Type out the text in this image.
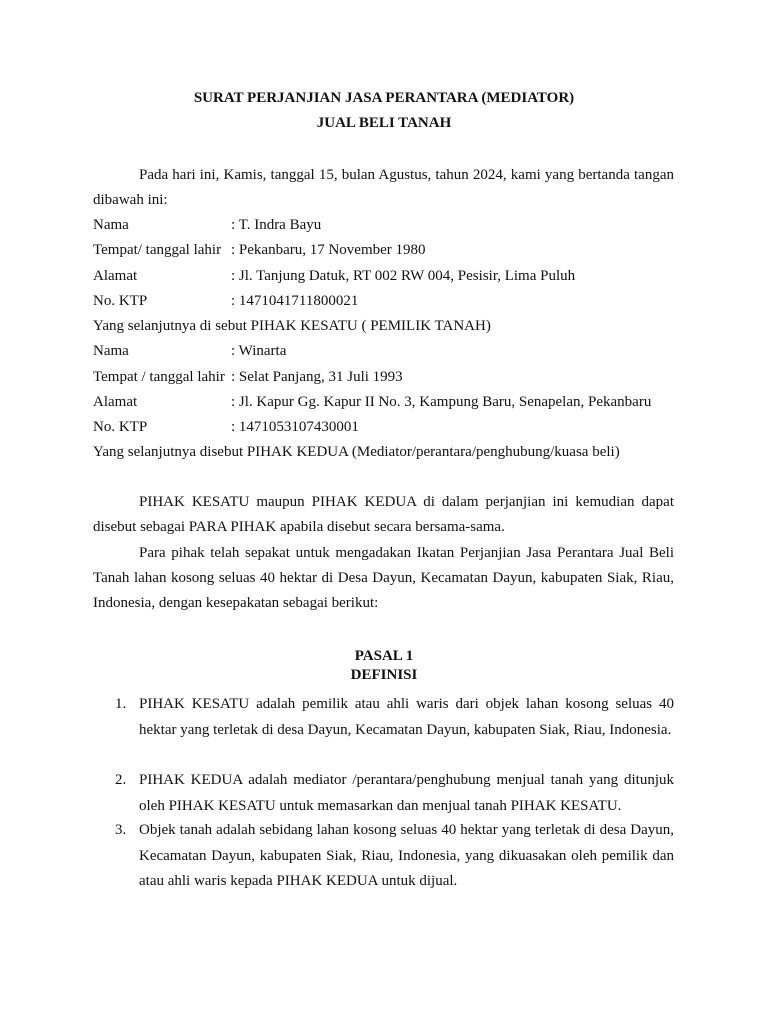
SURAT PERJANJIAN JASA PERANTARA (MEDIATOR)
JUAL BELI TANAH

Pada hari ini, Kamis, tanggal 15, bulan Agustus, tahun 2024, kami yang bertanda tangan dibawah ini:

Nama	: T. Indra Bayu
Tempat/ tanggal lahir : Pekanbaru, 17 November 1980
Alamat	: Jl. Tanjung Datuk, RT 002 RW 004, Pesisir, Lima Puluh
No. KTP	: 1471041711800021
Yang selanjutnya di sebut PIHAK KESATU ( PEMILIK TANAH)
Nama	: Winarta
Tempat / tanggal lahir : Selat Panjang, 31 Juli 1993
Alamat	: Jl. Kapur Gg. Kapur II No. 3, Kampung Baru, Senapelan, Pekanbaru
No. KTP	: 1471053107430001
Yang selanjutnya disebut PIHAK KEDUA (Mediator/perantara/penghubung/kuasa beli)

PIHAK KESATU maupun PIHAK KEDUA di dalam perjanjian ini kemudian dapat disebut sebagai PARA PIHAK apabila disebut secara bersama-sama.

Para pihak telah sepakat untuk mengadakan Ikatan Perjanjian Jasa Perantara Jual Beli Tanah lahan kosong seluas 40 hektar di Desa Dayun, Kecamatan Dayun, kabupaten Siak, Riau, Indonesia, dengan kesepakatan sebagai berikut:

PASAL 1
DEFINISI
1. PIHAK KESATU adalah pemilik atau ahli waris dari objek lahan kosong seluas 40 hektar yang terletak di desa Dayun, Kecamatan Dayun, kabupaten Siak, Riau, Indonesia.
2. PIHAK KEDUA adalah mediator /perantara/penghubung menjual tanah yang ditunjuk oleh PIHAK KESATU untuk memasarkan dan menjual tanah PIHAK KESATU.
3. Objek tanah adalah sebidang lahan kosong seluas 40 hektar yang terletak di desa Dayun, Kecamatan Dayun, kabupaten Siak, Riau, Indonesia, yang dikuasakan oleh pemilik dan atau ahli waris kepada PIHAK KEDUA untuk dijual.
